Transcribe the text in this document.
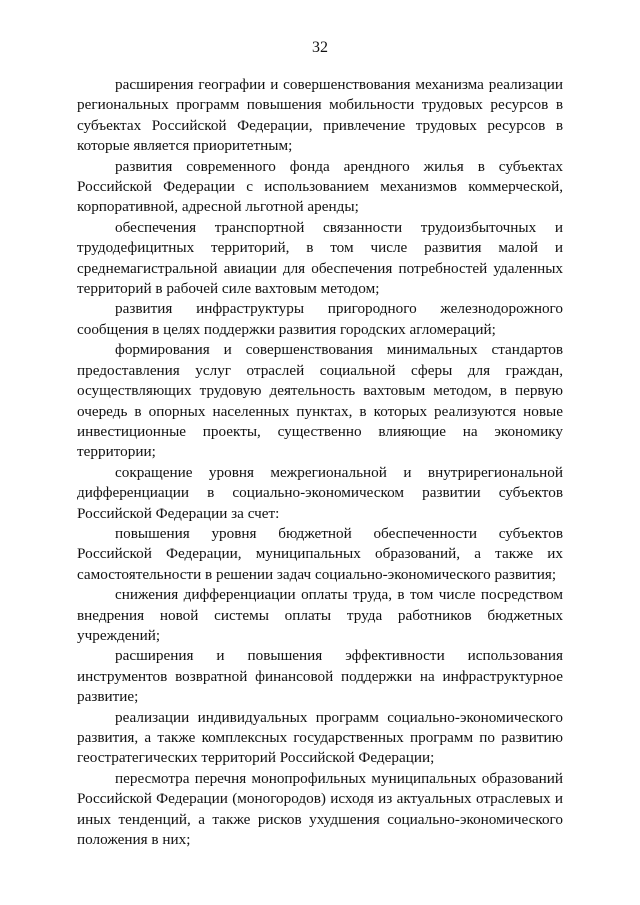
32

расширения географии и совершенствования механизма реализации региональных программ повышения мобильности трудовых ресурсов в субъектах Российской Федерации, привлечение трудовых ресурсов в которые является приоритетным;

развития современного фонда арендного жилья в субъектах Российской Федерации с использованием механизмов коммерческой, корпоративной, адресной льготной аренды;

обеспечения транспортной связанности трудоизбыточных и трудодефицитных территорий, в том числе развития малой и среднемагистральной авиации для обеспечения потребностей удаленных территорий в рабочей силе вахтовым методом;

развития инфраструктуры пригородного железнодорожного сообщения в целях поддержки развития городских агломераций;

формирования и совершенствования минимальных стандартов предоставления услуг отраслей социальной сферы для граждан, осуществляющих трудовую деятельность вахтовым методом, в первую очередь в опорных населенных пунктах, в которых реализуются новые инвестиционные проекты, существенно влияющие на экономику территории;

сокращение уровня межрегиональной и внутрирегиональной дифференциации в социально-экономическом развитии субъектов Российской Федерации за счет:

повышения уровня бюджетной обеспеченности субъектов Российской Федерации, муниципальных образований, а также их самостоятельности в решении задач социально-экономического развития;

снижения дифференциации оплаты труда, в том числе посредством внедрения новой системы оплаты труда работников бюджетных учреждений;

расширения и повышения эффективности использования инструментов возвратной финансовой поддержки на инфраструктурное развитие;

реализации индивидуальных программ социально-экономического развития, а также комплексных государственных программ по развитию геостратегических территорий Российской Федерации;

пересмотра перечня монопрофильных муниципальных образований Российской Федерации (моногородов) исходя из актуальных отраслевых и иных тенденций, а также рисков ухудшения социально-экономического положения в них;
